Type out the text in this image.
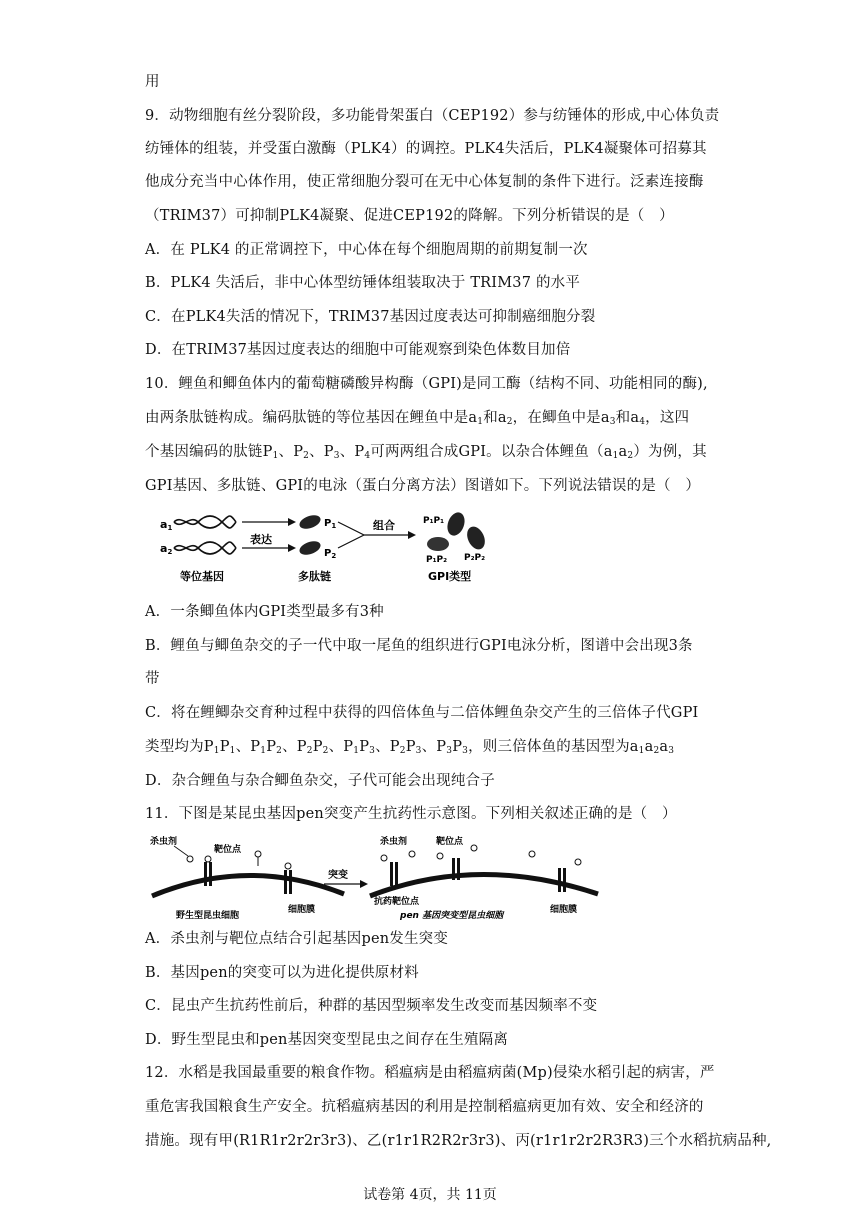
用
9．动物细胞有丝分裂阶段，多功能骨架蛋白（CEP192）参与纺锤体的形成,中心体负责
纺锤体的组装，并受蛋白激酶（PLK4）的调控。PLK4失活后，PLK4凝聚体可招募其
他成分充当中心体作用，使正常细胞分裂可在无中心体复制的条件下进行。泛素连接酶
（TRIM37）可抑制PLK4凝聚、促进CEP192的降解。下列分析错误的是（　）
A．在 PLK4 的正常调控下，中心体在每个细胞周期的前期复制一次
B．PLK4 失活后，非中心体型纺锤体组装取决于 TRIM37 的水平
C．在PLK4失活的情况下，TRIM37基因过度表达可抑制癌细胞分裂
D．在TRIM37基因过度表达的细胞中可能观察到染色体数目加倍
10．鲤鱼和鲫鱼体内的葡萄糖磷酸异构酶（GPI)是同工酶（结构不同、功能相同的酶),
由两条肽链构成。编码肽链的等位基因在鲤鱼中是$a_1$和$a_2$，在鲫鱼中是$a_3$和$a_4$，这四
个基因编码的肽链$P_1$、$P_2$、$P_3$、$P_4$可两两组合成GPI。以杂合体鲤鱼$(a_1a_2)$为例，其
GPI基因、多肽链、GPI的电泳（蛋白分离方法）图谱如下。下列说法错误的是（　）
a1	$P_1$
a2
表达
$P_2$
组合	P₁P₁
P₁P₂ P₂P₂
等位基因	多肽链	GPI类型
A．一条鲫鱼体内GPI类型最多有3种
B．鲤鱼与鲫鱼杂交的子一代中取一尾鱼的组织进行GPI电泳分析，图谱中会出现3条
带
C．将在鲤鲫杂交育种过程中获得的四倍体鱼与二倍体鲤鱼杂交产生的三倍体子代GPI
类型均为$P_1P_1$、$P_1P_2$、$P_2P_2$、$P_1P_3$、$P_2P_3$、$P_3P_3$，则三倍体鱼的基因型为$a_1a_2a_3$
D．杂合鲤鱼与杂合鲫鱼杂交，子代可能会出现纯合子
11．下图是某昆虫基因pen突变产生抗药性示意图。下列相关叙述正确的是（　）
杀虫剂
靶位点
细胞膜
野生型昆虫细胞
突变
杀虫剂	靶位点
抗药靶位点
细胞膜
pen 基因突变型昆虫细胞
A．杀虫剂与靶位点结合引起基因pen发生突变
B．基因pen的突变可以为进化提供原材料
C．昆虫产生抗药性前后，种群的基因型频率发生改变而基因频率不变
D．野生型昆虫和pen基因突变型昆虫之间存在生殖隔离
12．水稻是我国最重要的粮食作物。稻瘟病是由稻瘟病菌(Mp)侵染水稻引起的病害，严
重危害我国粮食生产安全。抗稻瘟病基因的利用是控制稻瘟病更加有效、安全和经济的
措施。现有甲(R1R1r2r2r3r3)、乙(r1r1R2R2r3r3)、丙(r1r1r2r2R3R3)三个水稻抗病品种,
试卷第 4页，共 11页
